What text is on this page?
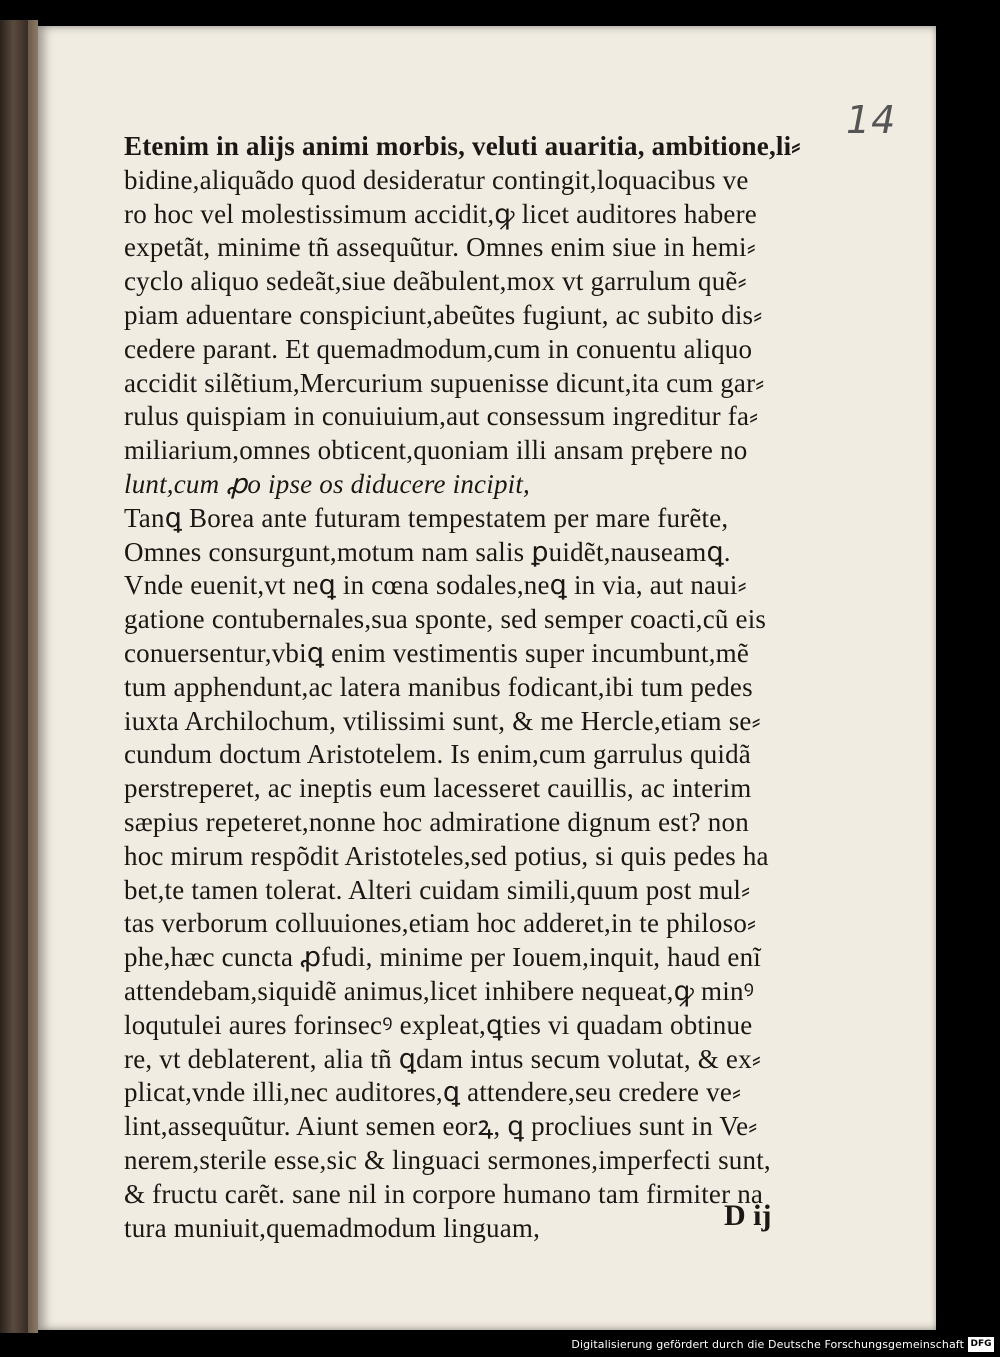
14
Etenim in alijs animi morbis, veluti auaritia, ambitione,li⸗
bidine,aliquãdo quod desideratur contingit,loquacibus ve
ro hoc vel molestissimum accidit,ꝙ licet auditores habere
expetãt, minime tñ assequũtur. Omnes enim siue in hemi⸗
cyclo aliquo sedeãt,siue deãbulent,mox vt garrulum quẽ⸗
piam aduentare conspiciunt,abeũtes fugiunt, ac subito dis⸗
cedere parant. Et quemadmodum,cum in conuentu aliquo
accidit silẽtium,Mercurium supuenisse dicunt,ita cum gar⸗
rulus quispiam in conuiuium,aut consessum ingreditur fa⸗
miliarium,omnes obticent,quoniam illi ansam prębere no
lunt,cum ꝓo ipse os diducere incipit,
Tanꝗ Borea ante futuram tempestatem per mare furẽte,
Omnes consurgunt,motum nam salis ꝑuidẽt,nauseamꝗ.
Vnde euenit,vt neꝗ in cœna sodales,neꝗ in via, aut naui⸗
gatione contubernales,sua sponte, sed semper coacti,cũ eis
conuersentur,vbiꝗ enim vestimentis super incumbunt,mẽ
tum apphendunt,ac latera manibus fodicant,ibi tum pedes
iuxta Archilochum, vtilissimi sunt, & me Hercle,etiam se⸗
cundum doctum Aristotelem. Is enim,cum garrulus quidã
perstreperet, ac ineptis eum lacesseret cauillis, ac interim
sæpius repeteret,nonne hoc admiratione dignum est? non
hoc mirum respõdit Aristoteles,sed potius, si quis pedes ha
bet,te tamen tolerat. Alteri cuidam simili,quum post mul⸗
tas verborum colluuiones,etiam hoc adderet,in te philoso⸗
phe,hæc cuncta ꝓfudi, minime per Iouem,inquit, haud enĩ
attendebam,siquidẽ animus,licet inhibere nequeat,ꝙ minꝰ
loqutulei aures forinsecꝰ expleat,ꝗties vi quadam obtinue
re, vt deblaterent, alia tñ ꝗdam intus secum volutat, & ex⸗
plicat,vnde illi,nec auditores,ꝗ attendere,seu credere ve⸗
lint,assequũtur. Aiunt semen eorꝝ, ꝗ procliues sunt in Ve⸗
nerem,sterile esse,sic & linguaci sermones,imperfecti sunt,
& fructu carẽt. sane nil in corpore humano tam firmiter na
tura muniuit,quemadmodum linguam,	D ij
Digitalisierung gefördert durch die Deutsche Forschungsgemeinschaft DFG
